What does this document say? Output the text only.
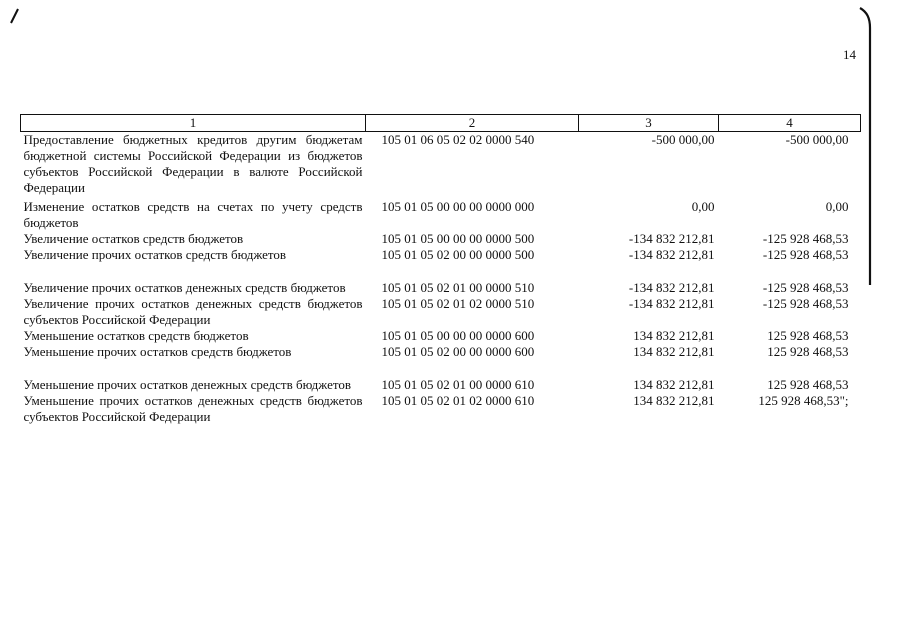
14
1	2	3	4
Предоставление бюджетных кредитов другим бюджетам бюджетной системы Российской Федерации из бюджетов субъектов Российской Федерации в валюте Российской Федерации	105 01 06 05 02 02 0000 540	-500 000,00	-500 000,00
Изменение остатков средств на счетах по учету средств бюджетов	105 01 05 00 00 00 0000 000	0,00	0,00
Увеличение остатков средств бюджетов	105 01 05 00 00 00 0000 500	-134 832 212,81	-125 928 468,53
Увеличение прочих остатков средств бюджетов	105 01 05 02 00 00 0000 500	-134 832 212,81	-125 928 468,53
Увеличение прочих остатков денежных средств бюджетов	105 01 05 02 01 00 0000 510	-134 832 212,81	-125 928 468,53
Увеличение прочих остатков денежных средств бюджетов субъектов Российской Федерации	105 01 05 02 01 02 0000 510	-134 832 212,81	-125 928 468,53
Уменьшение остатков средств бюджетов	105 01 05 00 00 00 0000 600	134 832 212,81	125 928 468,53
Уменьшение прочих остатков средств бюджетов	105 01 05 02 00 00 0000 600	134 832 212,81	125 928 468,53
Уменьшение прочих остатков денежных средств бюджетов	105 01 05 02 01 00 0000 610	134 832 212,81	125 928 468,53
Уменьшение прочих остатков денежных средств бюджетов субъектов Российской Федерации	105 01 05 02 01 02 0000 610	134 832 212,81	125 928 468,53";
